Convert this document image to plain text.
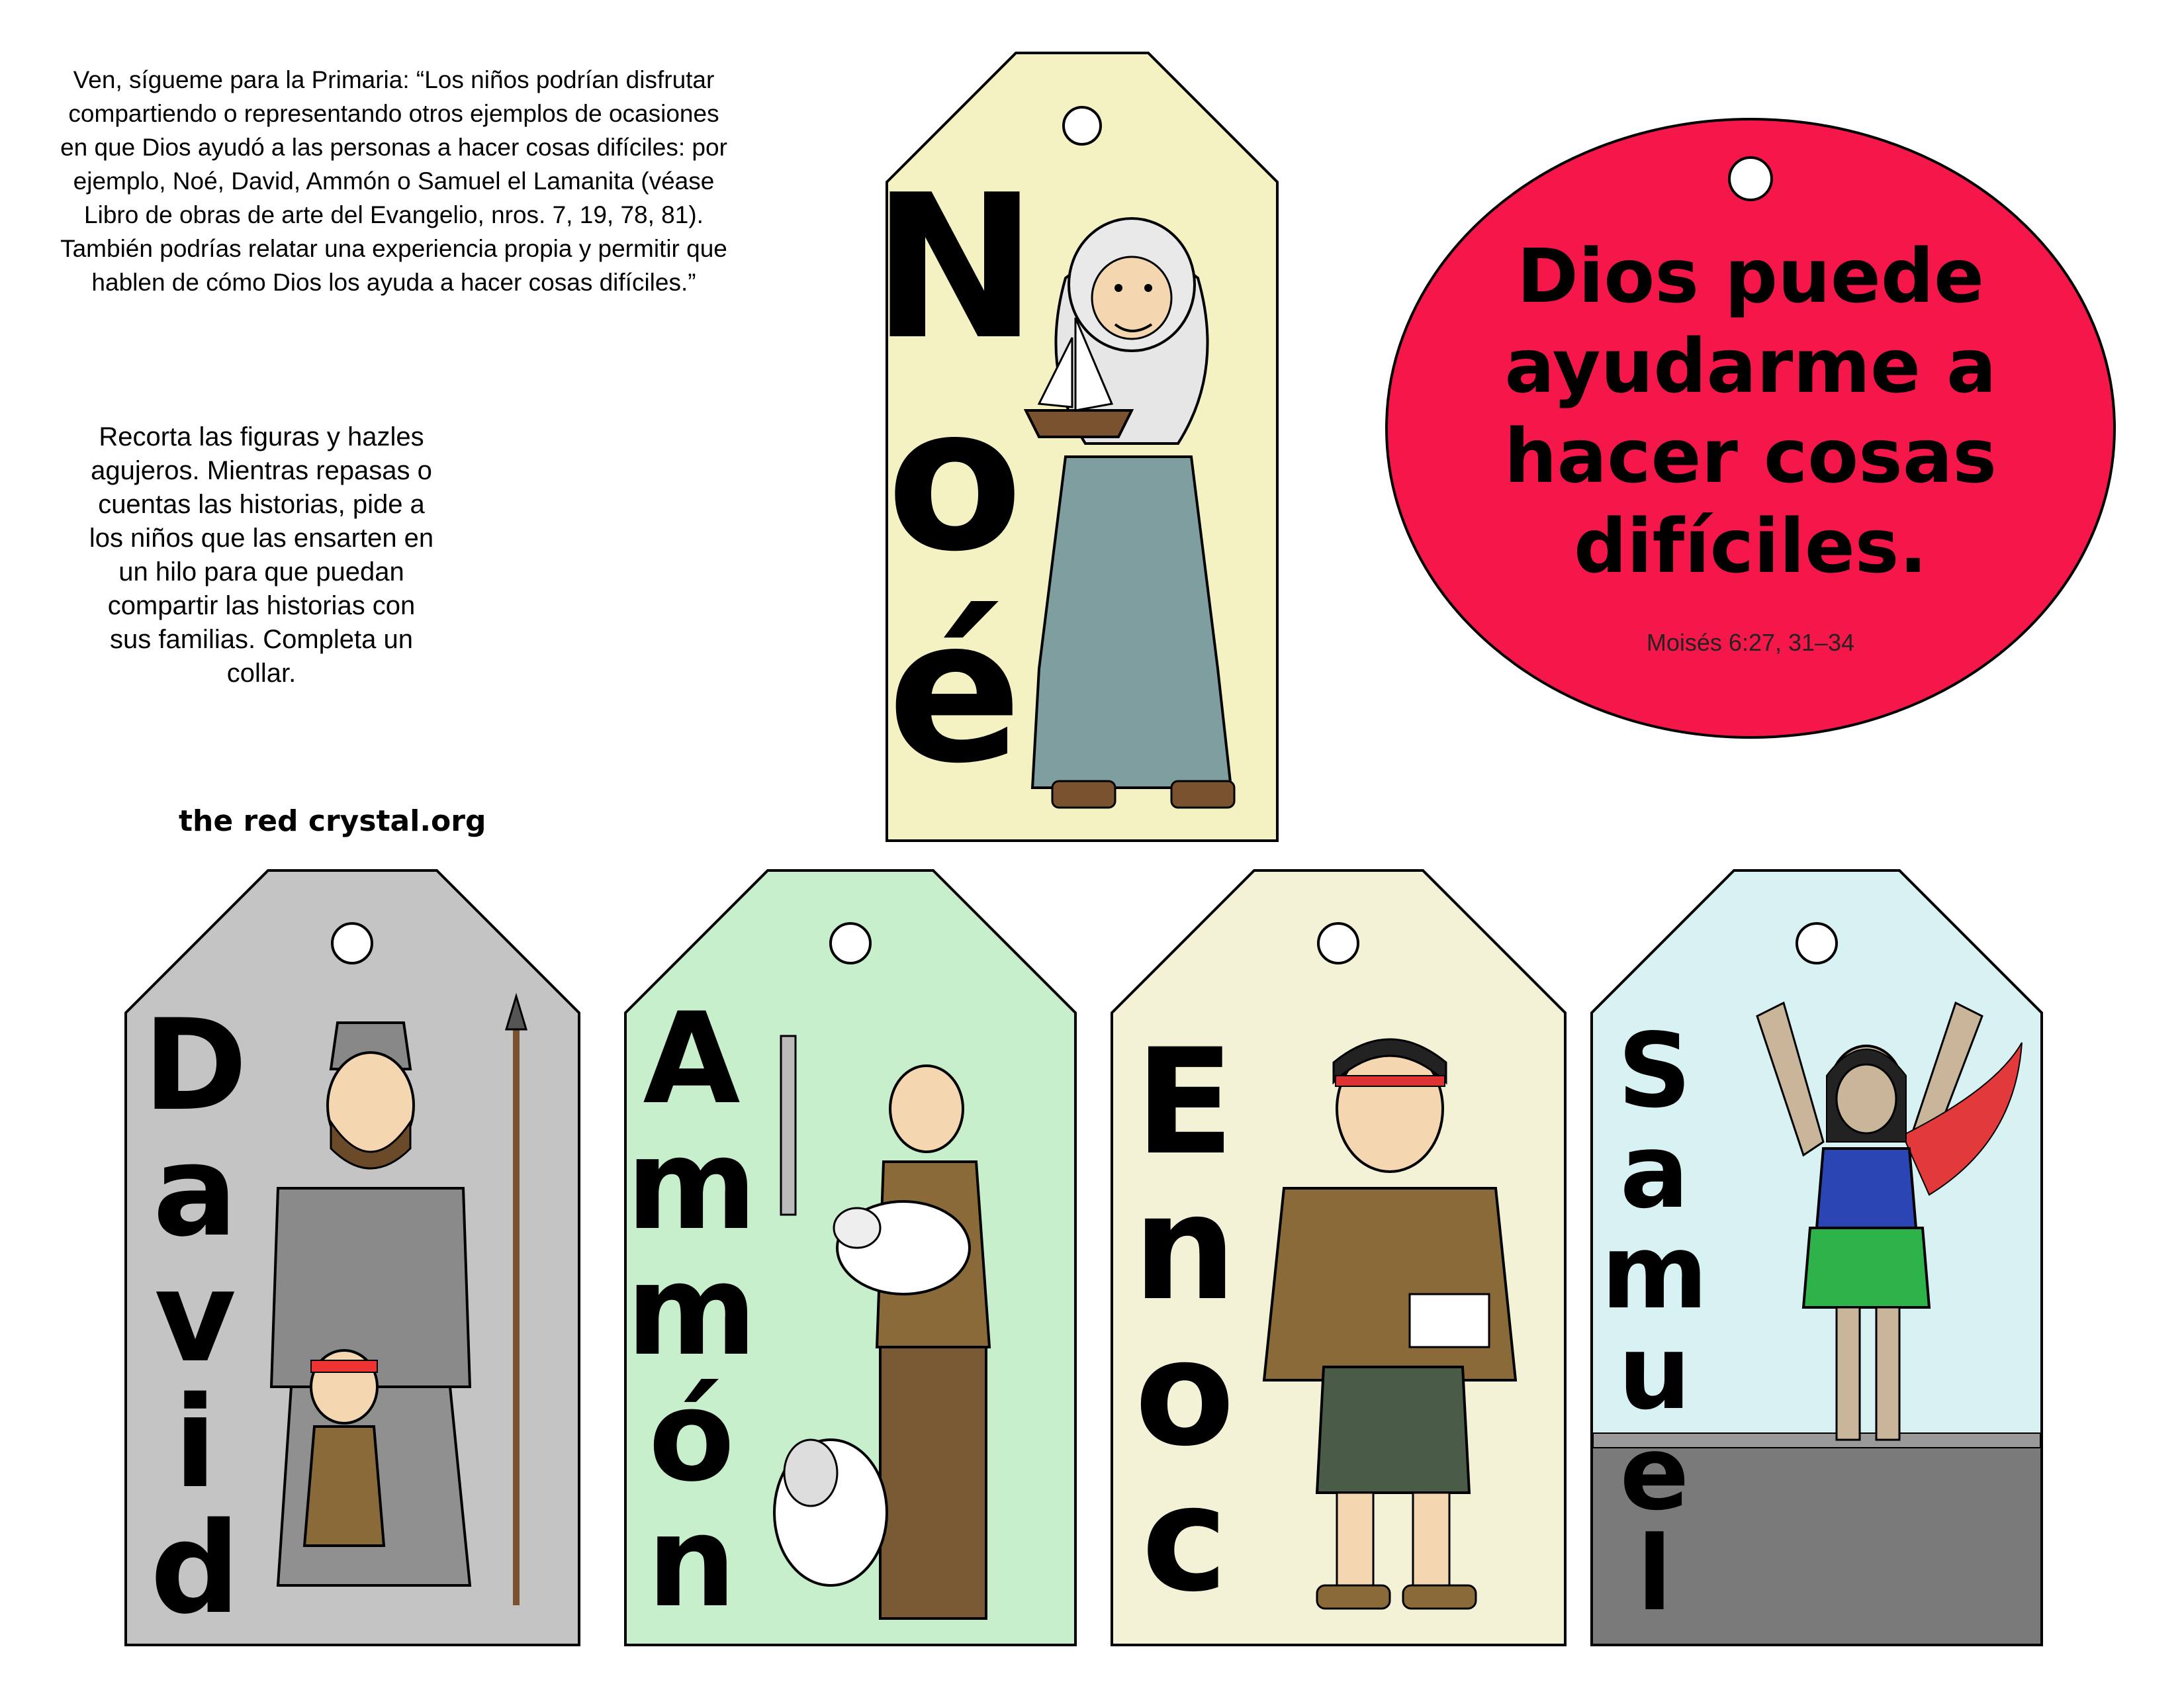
Ven, sígueme para la Primaria: “Los niños podrían disfrutar compartiendo o representando otros ejemplos de ocasiones en que Dios ayudó a las personas a hacer cosas difíciles: por ejemplo, Noé, David, Ammón o Samuel el Lamanita (véase Libro de obras de arte del Evangelio, nros. 7, 19, 78, 81). También podrías relatar una experiencia propia y permitir que hablen de cómo Dios los ayuda a hacer cosas difíciles.”
Recorta las figuras y hazles agujeros. Mientras repasas o cuentas las historias, pide a los niños que las ensarten en un hilo para que puedan compartir las historias con sus familias. Completa un collar.
the red crystal.org
N
o
é
Dios puede ayudarme a hacer cosas difíciles.
Moisés 6:27, 31–34
D
a
v
i
d
A
m
m
ó
n
E
n
o
c
S
a
m
u
e
l
